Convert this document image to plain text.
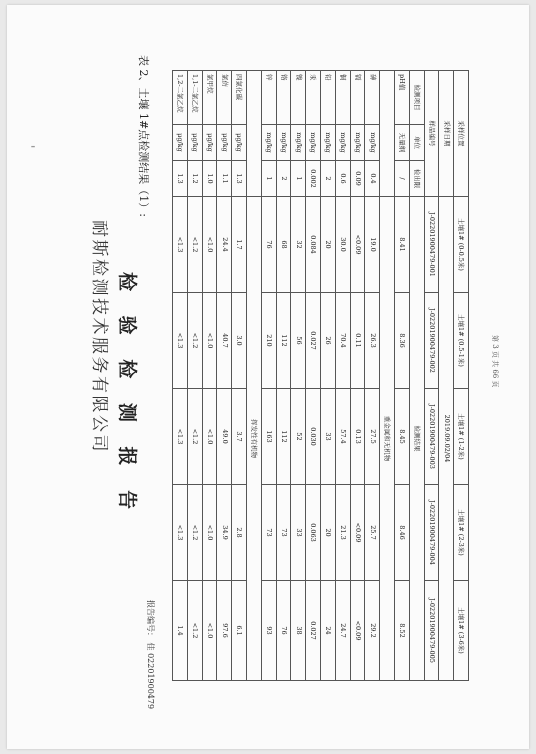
⁃
耐斯检测技术服务有限公司 检 验 检 测 报 告
报告编号： 佳 02201900479
表 2、土壤 1#点检测结果（1）:	采样位置			土壤1# (0-0.5米)	土壤1# (0.5-1米)	土壤1# (1-2米)	土壤1# (2-3米)	土壤1# (3-6米)
采样日期			2019.09.02/04				
样品编号			J-02201900479-001	J-02201900479-002	J-02201900479-003	J-02201900479-004	J-02201900479-005
检测项目	单位	检出限	检测结果				
pH值	无量纲	/	8.41	8.36	8.45	8.46	8.52
			重金属和无机物				
砷	mg/kg	0.4	19.0	26.3	27.5	25.7	29.2
镉	mg/kg	0.09	<0.09	0.11	0.13	<0.09	<0.09
铜	mg/kg	0.6	30.0	70.4	57.4	21.3	24.7
铅	mg/kg	2	20	26	33	20	24
汞	mg/kg	0.002	0.084	0.027	0.030	0.063	0.027
镍	mg/kg	1	32	56	52	33	38
铬	mg/kg	2	68	112	112	73	76
锌	mg/kg	1	76	210	163	73	93
			挥发性有机物				
四氯化碳	μg/kg	1.3	1.7	3.0	3.7	2.8	6.1
氯仿	μg/kg	1.1	24.4	40.7	49.0	34.9	97.6
氯甲烷	μg/kg	1.0	<1.0	<1.0	<1.0	<1.0	<1.0
1,1-二氯乙烷	μg/kg	1.2	<1.2	<1.2	<1.2	<1.2	<1.2
1,2-二氯乙烷	μg/kg	1.3	<1.3	<1.3	<1.3	<1.3	1.4
第 3 页 共 66 页
